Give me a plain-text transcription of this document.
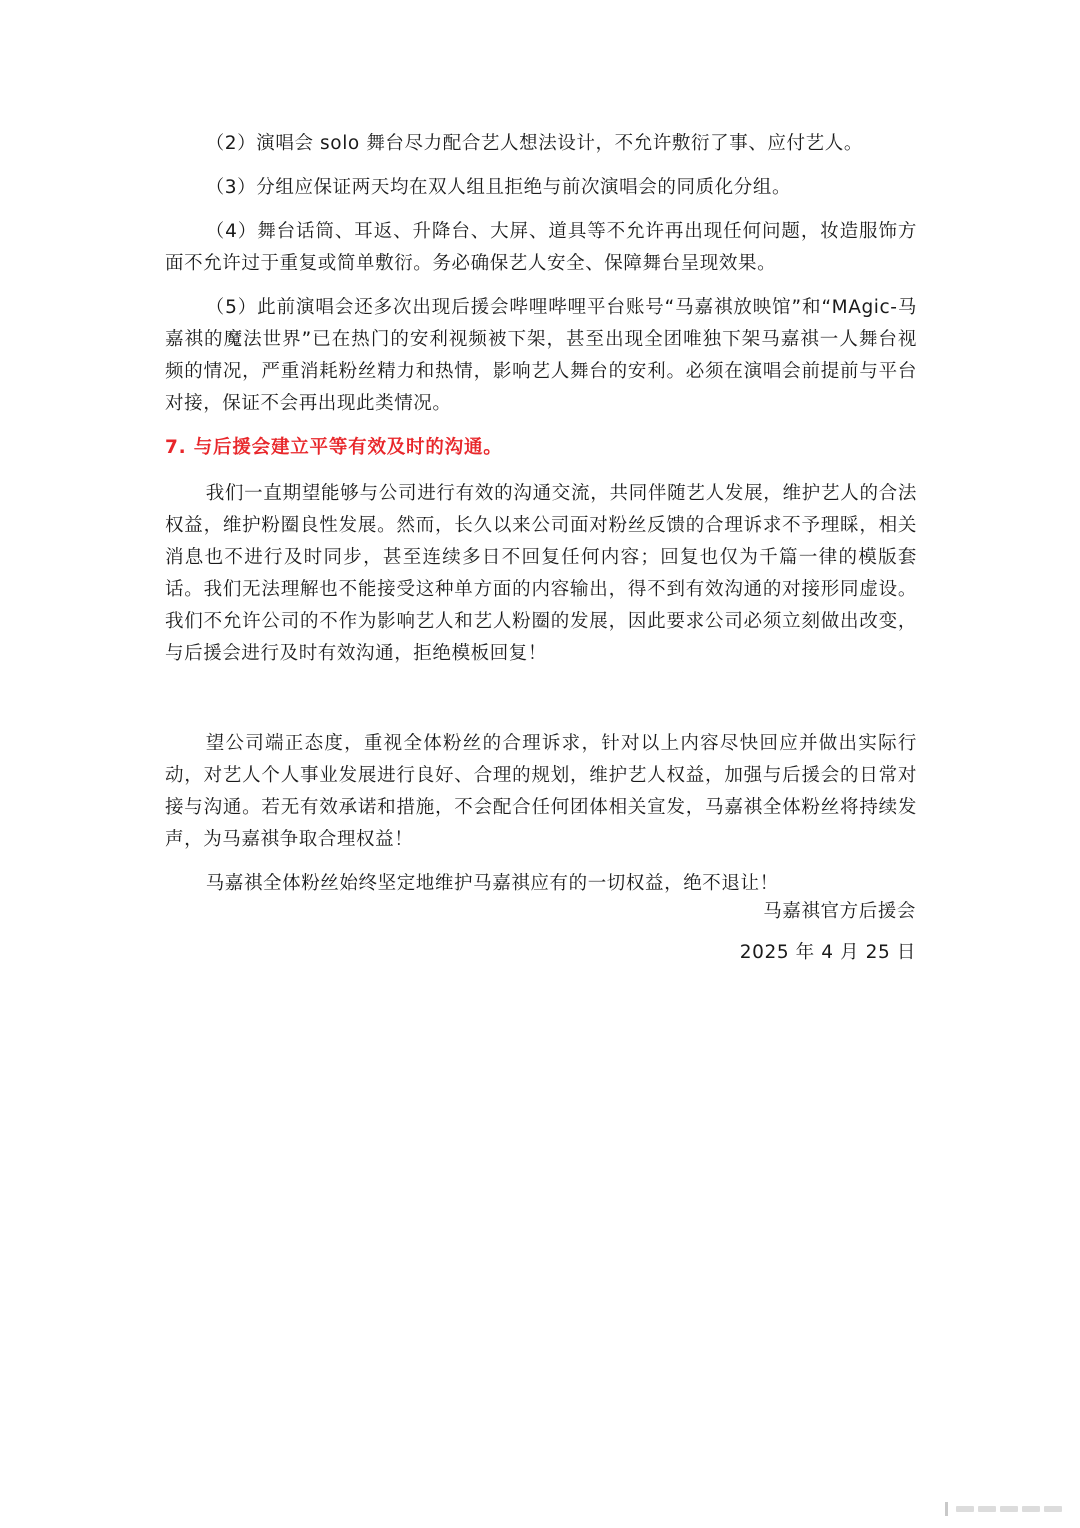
（2）演唱会 solo 舞台尽力配合艺人想法设计，不允许敷衍了事、应付艺人。

（3）分组应保证两天均在双人组且拒绝与前次演唱会的同质化分组。

（4）舞台话筒、耳返、升降台、大屏、道具等不允许再出现任何问题，妆造服饰方面不允许过于重复或简单敷衍。务必确保艺人安全、保障舞台呈现效果。

（5）此前演唱会还多次出现后援会哔哩哔哩平台账号“马嘉祺放映馆”和“MAgic-马嘉祺的魔法世界”已在热门的安利视频被下架，甚至出现全团唯独下架马嘉祺一人舞台视频的情况，严重消耗粉丝精力和热情，影响艺人舞台的安利。必须在演唱会前提前与平台对接，保证不会再出现此类情况。

7. 与后援会建立平等有效及时的沟通。

我们一直期望能够与公司进行有效的沟通交流，共同伴随艺人发展，维护艺人的合法权益，维护粉圈良性发展。然而，长久以来公司面对粉丝反馈的合理诉求不予理睬，相关消息也不进行及时同步，甚至连续多日不回复任何内容；回复也仅为千篇一律的模版套话。我们无法理解也不能接受这种单方面的内容输出，得不到有效沟通的对接形同虚设。我们不允许公司的不作为影响艺人和艺人粉圈的发展，因此要求公司必须立刻做出改变，与后援会进行及时有效沟通，拒绝模板回复！

望公司端正态度，重视全体粉丝的合理诉求，针对以上内容尽快回应并做出实际行动，对艺人个人事业发展进行良好、合理的规划，维护艺人权益，加强与后援会的日常对接与沟通。若无有效承诺和措施，不会配合任何团体相关宣发，马嘉祺全体粉丝将持续发声，为马嘉祺争取合理权益！

马嘉祺全体粉丝始终坚定地维护马嘉祺应有的一切权益，绝不退让！

马嘉祺官方后援会
2025 年 4 月 25 日
